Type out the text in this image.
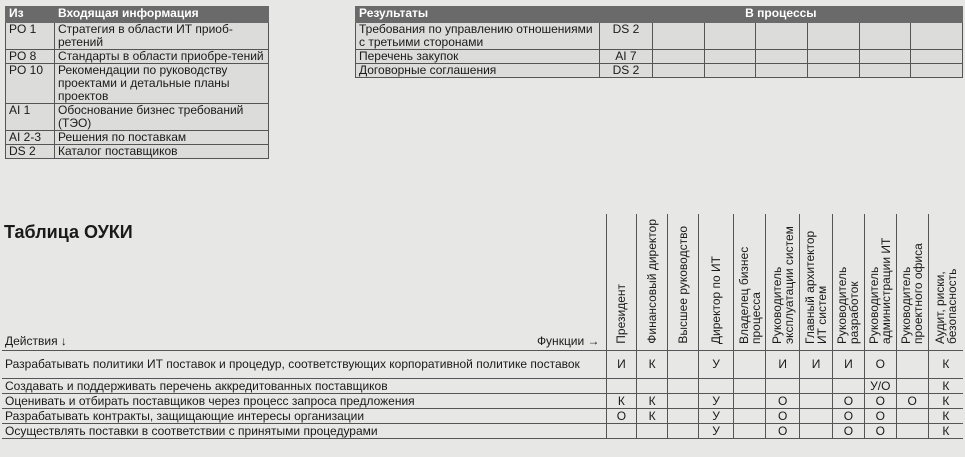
Из	Входящая информация
PO 1	Стратегия в области ИТ приоб-ретений
PO 8	Стандарты в области приобре-тений
PO 10	Рекомендации по руководству проектами и детальные планы проектов
AI 1	Обоснование бизнес требований (ТЭО)
AI 2-3	Решения по поставкам
DS 2	Каталог поставщиков
Результаты	В процессы						
Требования по управлению отношениями с третьими сторонами	DS 2						
Перечень закупок	AI 7						
Договорные соглашения	DS 2						
Действия ↓ Функции →	Президент	Финансовый директор	Высшее руководство	Директор по ИТ	Владелец бизнес процесса	Руководитель эксплуатации систем	Главный архитектор ИТ систем	Руководитель разработок	Руководитель администрации ИТ	Руководитель проектного офиса	Аудит, риски, безопасность
Разрабатывать политики ИТ поставок и процедур, соответствующих корпоративной политике поставок	И	К		У		И	И	И	О		К
Создавать и поддерживать перечень аккредитованных поставщиков									У/О		К
Оценивать и отбирать поставщиков через процесс запроса предложения	К	К		У		О		О	О	О	К
Разрабатывать контракты, защищающие интересы организации	О	К		У		О		О	О		К
Осуществлять поставки в соответствии с принятыми процедурами				У		О		О	О		К
Таблица ОУКИ
